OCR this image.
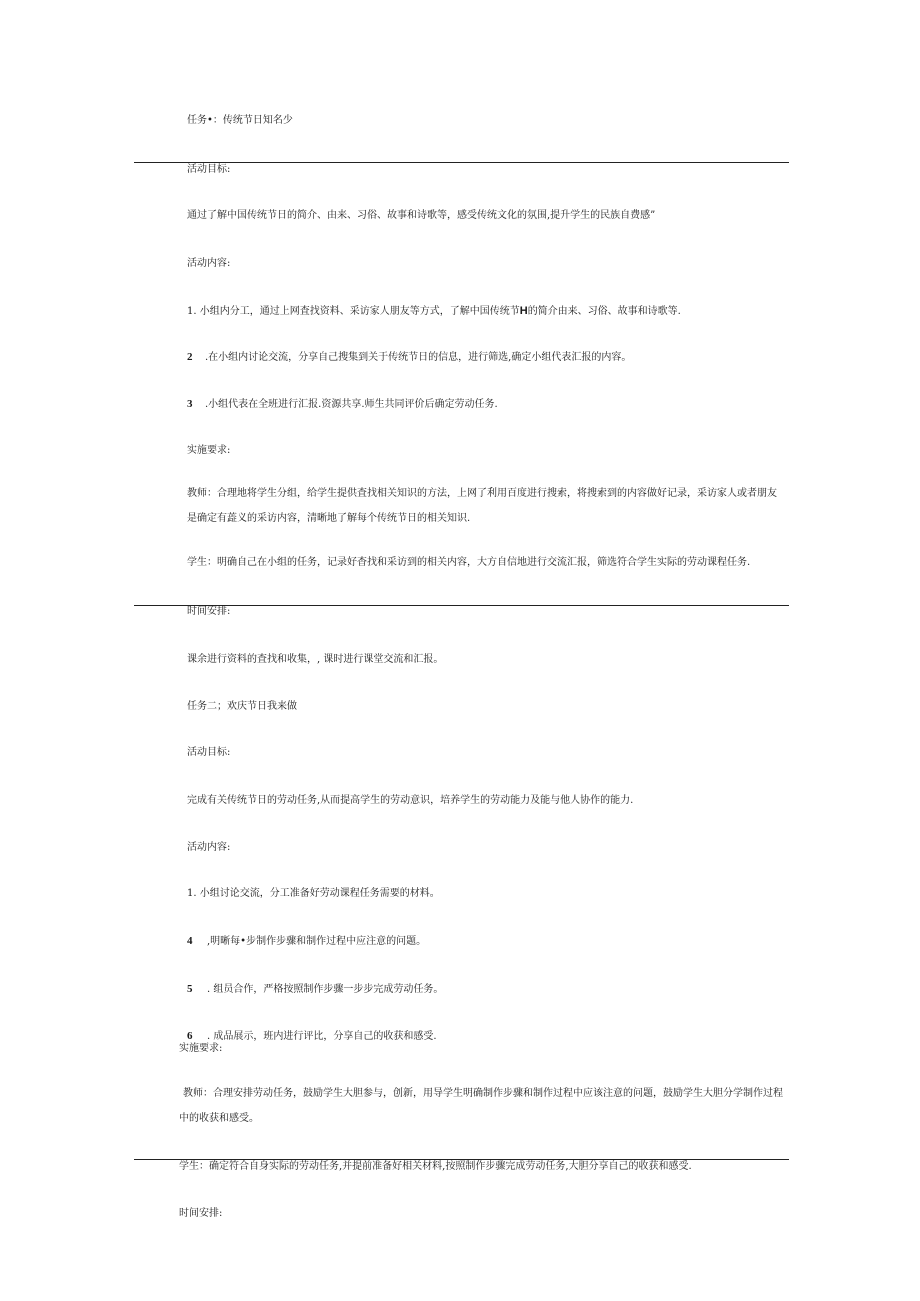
任务•：传统节日知名少
活动目标:
通过了解中国传统节日的简介、由来、习俗、故事和诗歌等，感受传统文化的氛围,提升学生的民族自费感”
活动内容:
1. 小组内分工，通过上网査找资料、采访家人朋友等方式，了解中国传统节H的简介由来、习俗、故事和诗歌等.
2 .在小组内讨论交流，分享自己搜集到关于传统节日的信息，进行筛选,确定小组代表汇报的内容。
3 .小组代表在全班进行汇报.资源共享.师生共同评价后确定劳动任务.
实施要求:
教师：合理地将学生分组，给学生提供査找相关知识的方法，上网了利用百度进行搜索，将搜索到的内容做好记录，采访家人或者朋友
是确定有蕋义的采访内容，清晰地了解每个传统节日的相关知识.
学生：明确自己在小组的任务，记录好杳找和采访到的相关内容，大方自信地进行交流汇报，筛选符合学生实际的劳动课程任务.
时间安排:
课余进行资料的査找和收集，, 课时进行课堂交流和汇报。
任务二；欢庆节日我来做
活动目标:
完成有关传统节日的劳动任务,从而提高学生的劳动意识，培养学生的劳动能力及能与他人协作的能力.
活动内容:
1. 小组讨论交流，分工准备好劳动课程任务需要的材料。
4 ,明晰每•步制作步骤和制作过程中应注意的问题。
5 . 组员合作，严格按照制作步骤一步步完成劳动任务。
6 . 成品展示，班内进行评比，分享自己的收获和感受.
实施要求:
教师：合理安排劳动任务，鼓励学生大胆参与，创新，用导学生明确制作步骤和制作过程中应该注意的问题，鼓励学生大胆分学制作过程
中的收获和感受。
学生：确定符合自身实际的劳动任务,并提前准备好相关材料,按照制作步骤完成劳动任务,大胆分享自己的收获和感受.
时间安排:
